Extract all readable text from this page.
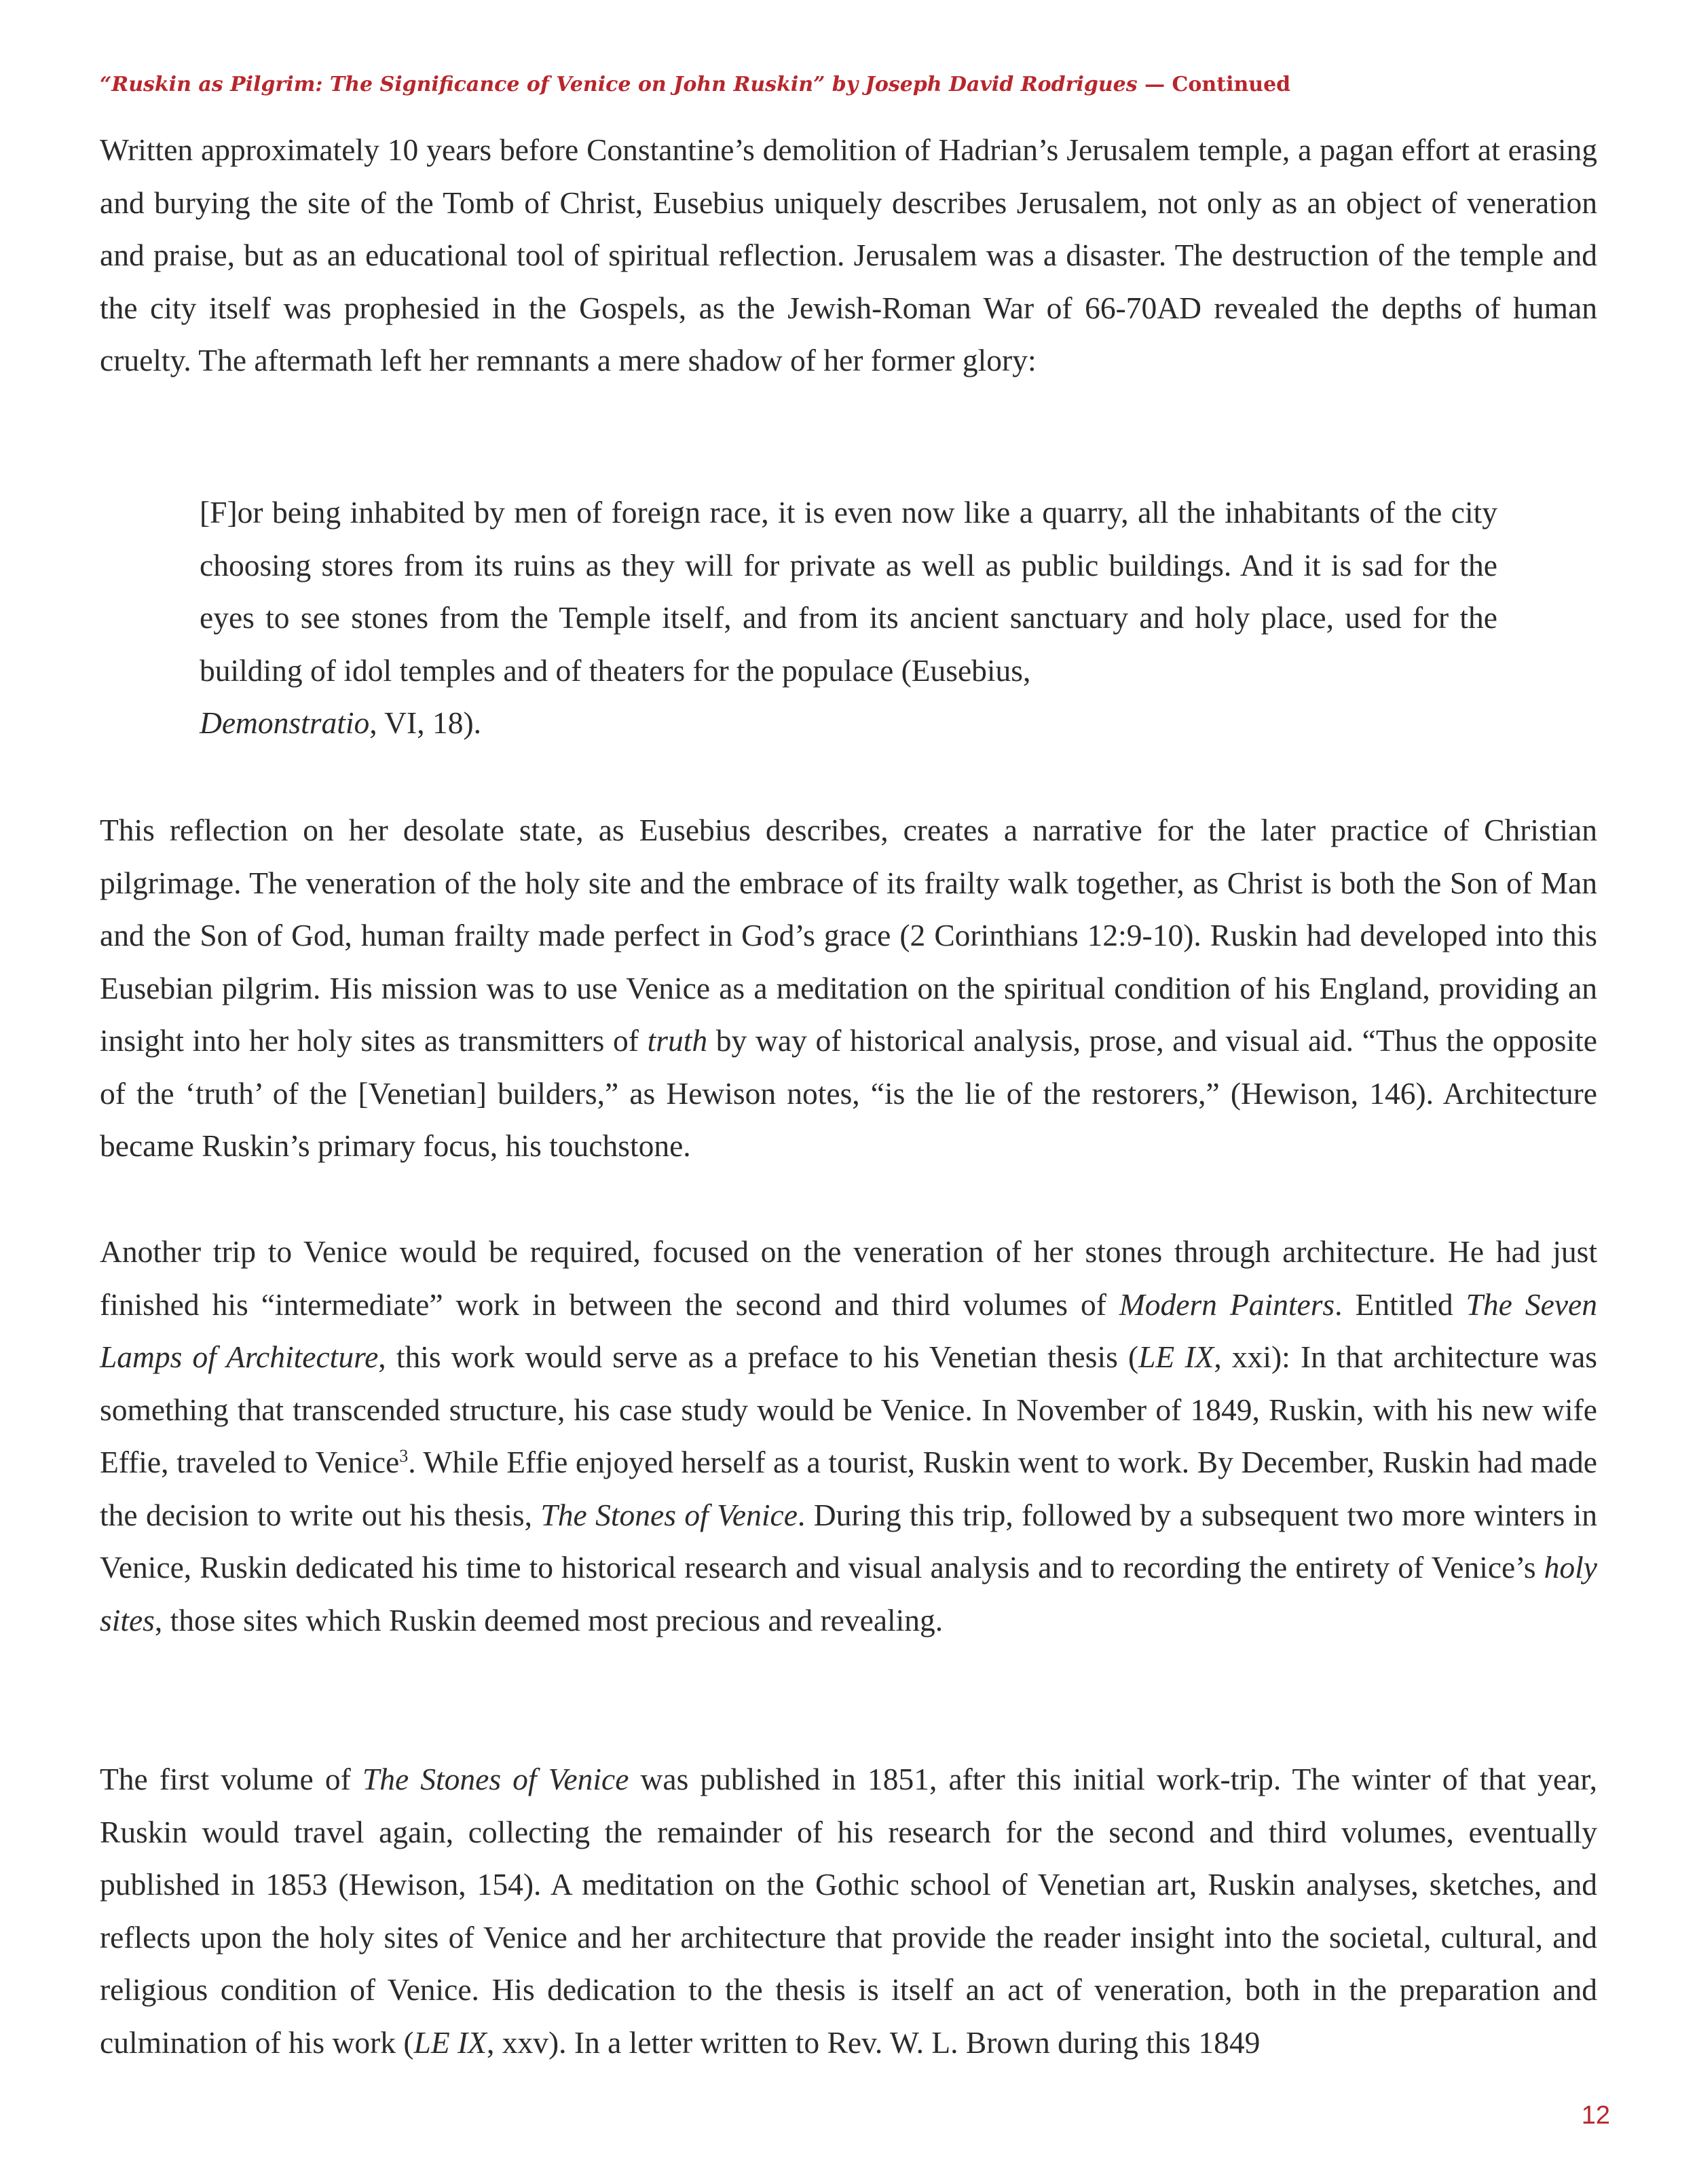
“Ruskin as Pilgrim: The Significance of Venice on John Ruskin” by Joseph David Rodrigues — Continued

Written approximately 10 years before Constantine’s demolition of Hadrian’s Jerusalem temple, a pagan effort at erasing and burying the site of the Tomb of Christ, Eusebius uniquely describes Jerusalem, not only as an object of veneration and praise, but as an educational tool of spiritual reflection. Jerusalem was a disaster. The destruction of the temple and the city itself was prophesied in the Gospels, as the Jewish-Roman War of 66-70AD revealed the depths of human cruelty. The aftermath left her remnants a mere shadow of her former glory:

[F]or being inhabited by men of foreign race, it is even now like a quarry, all the inhabitants of the city choosing stores from its ruins as they will for private as well as public buildings. And it is sad for the eyes to see stones from the Temple itself, and from its ancient sanctuary and holy place, used for the building of idol temples and of theaters for the populace (Eusebius,
Demonstratio, VI, 18).

This reflection on her desolate state, as Eusebius describes, creates a narrative for the later practice of Christian pilgrimage. The veneration of the holy site and the embrace of its frailty walk together, as Christ is both the Son of Man and the Son of God, human frailty made perfect in God’s grace (2 Corinthians 12:9-10). Ruskin had developed into this Eusebian pilgrim. His mission was to use Venice as a meditation on the spiritual condition of his England, providing an insight into her holy sites as transmitters of truth by way of historical analysis, prose, and visual aid. “Thus the opposite of the ‘truth’ of the [Venetian] builders,” as Hewison notes, “is the lie of the restorers,” (Hewison, 146). Architecture became Ruskin’s primary focus, his touchstone.

Another trip to Venice would be required, focused on the veneration of her stones through architecture. He had just finished his “intermediate” work in between the second and third volumes of Modern Painters. Entitled The Seven Lamps of Architecture, this work would serve as a preface to his Venetian thesis (LE IX, xxi): In that architecture was something that transcended structure, his case study would be Venice. In November of 1849, Ruskin, with his new wife Effie, traveled to Venice$^3$. While Effie enjoyed herself as a tourist, Ruskin went to work. By December, Ruskin had made the decision to write out his thesis, The Stones of Venice. During this trip, followed by a subsequent two more winters in Venice, Ruskin dedicated his time to historical research and visual analysis and to recording the entirety of Venice’s holy sites, those sites which Ruskin deemed most precious and revealing.

The first volume of The Stones of Venice was published in 1851, after this initial work-trip. The winter of that year, Ruskin would travel again, collecting the remainder of his research for the second and third volumes, eventually published in 1853 (Hewison, 154). A meditation on the Gothic school of Venetian art, Ruskin analyses, sketches, and reflects upon the holy sites of Venice and her architecture that provide the reader insight into the societal, cultural, and religious condition of Venice. His dedication to the thesis is itself an act of veneration, both in the preparation and culmination of his work (LE IX, xxv). In a letter written to Rev. W. L. Brown during this 1849

12
